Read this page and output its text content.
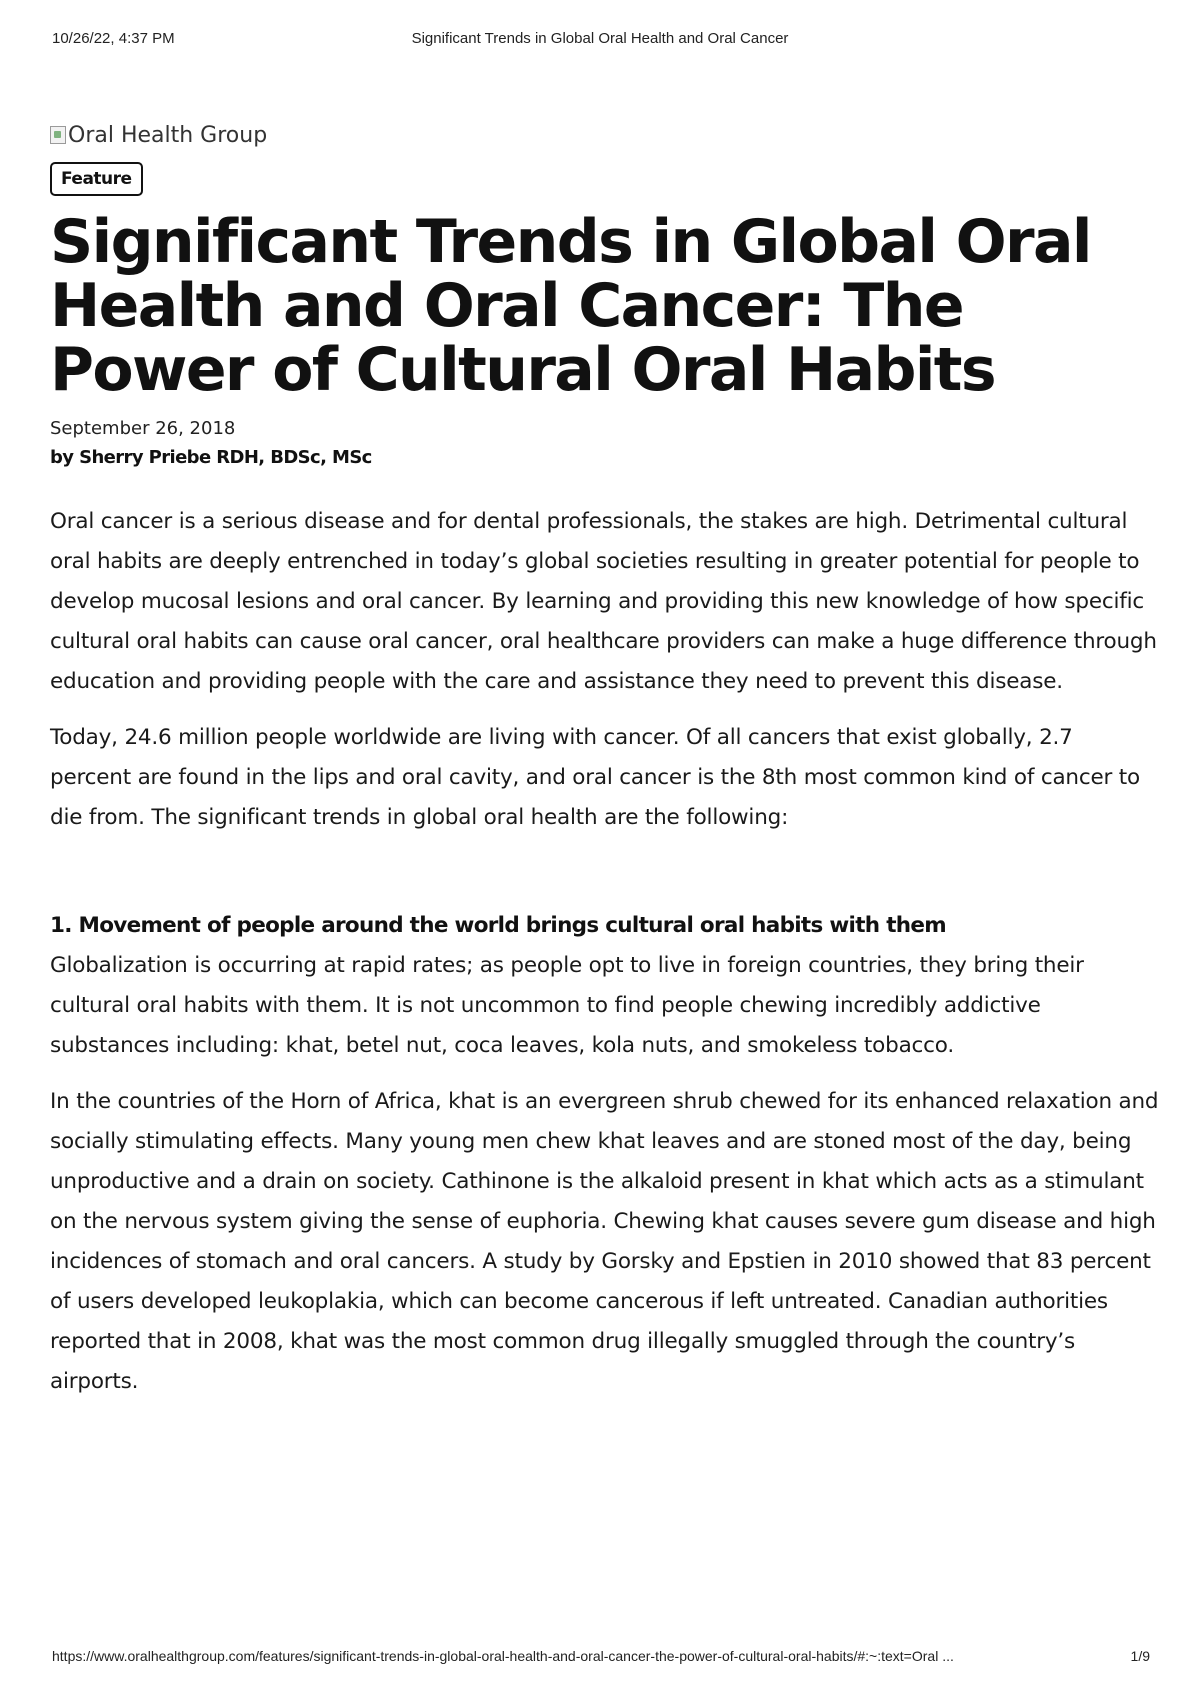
10/26/22, 4:37 PM	Significant Trends in Global Oral Health and Oral Cancer
Oral Health Group
Feature
Significant Trends in Global Oral Health and Oral Cancer: The Power of Cultural Oral Habits
September 26, 2018
by Sherry Priebe RDH, BDSc, MSc

Oral cancer is a serious disease and for dental professionals, the stakes are high. Detrimental cultural oral habits are deeply entrenched in today’s global societies resulting in greater potential for people to develop mucosal lesions and oral cancer. By learning and providing this new knowledge of how specific cultural oral habits can cause oral cancer, oral healthcare providers can make a huge difference through education and providing people with the care and assistance they need to prevent this disease.

Today, 24.6 million people worldwide are living with cancer. Of all cancers that exist globally, 2.7 percent are found in the lips and oral cavity, and oral cancer is the 8th most common kind of cancer to die from. The significant trends in global oral health are the following:

1. Movement of people around the world brings cultural oral habits with them

Globalization is occurring at rapid rates; as people opt to live in foreign countries, they bring their cultural oral habits with them. It is not uncommon to find people chewing incredibly addictive substances including: khat, betel nut, coca leaves, kola nuts, and smokeless tobacco.

In the countries of the Horn of Africa, khat is an evergreen shrub chewed for its enhanced relaxation and socially stimulating effects. Many young men chew khat leaves and are stoned most of the day, being unproductive and a drain on society. Cathinone is the alkaloid present in khat which acts as a stimulant on the nervous system giving the sense of euphoria. Chewing khat causes severe gum disease and high incidences of stomach and oral cancers. A study by Gorsky and Epstien in 2010 showed that 83 percent of users developed leukoplakia, which can become cancerous if left untreated. Canadian authorities reported that in 2008, khat was the most common drug illegally smuggled through the country’s airports.

https://www.oralhealthgroup.com/features/significant-trends-in-global-oral-health-and-oral-cancer-the-power-of-cultural-oral-habits/#:~:text=Oral ...	1/9
